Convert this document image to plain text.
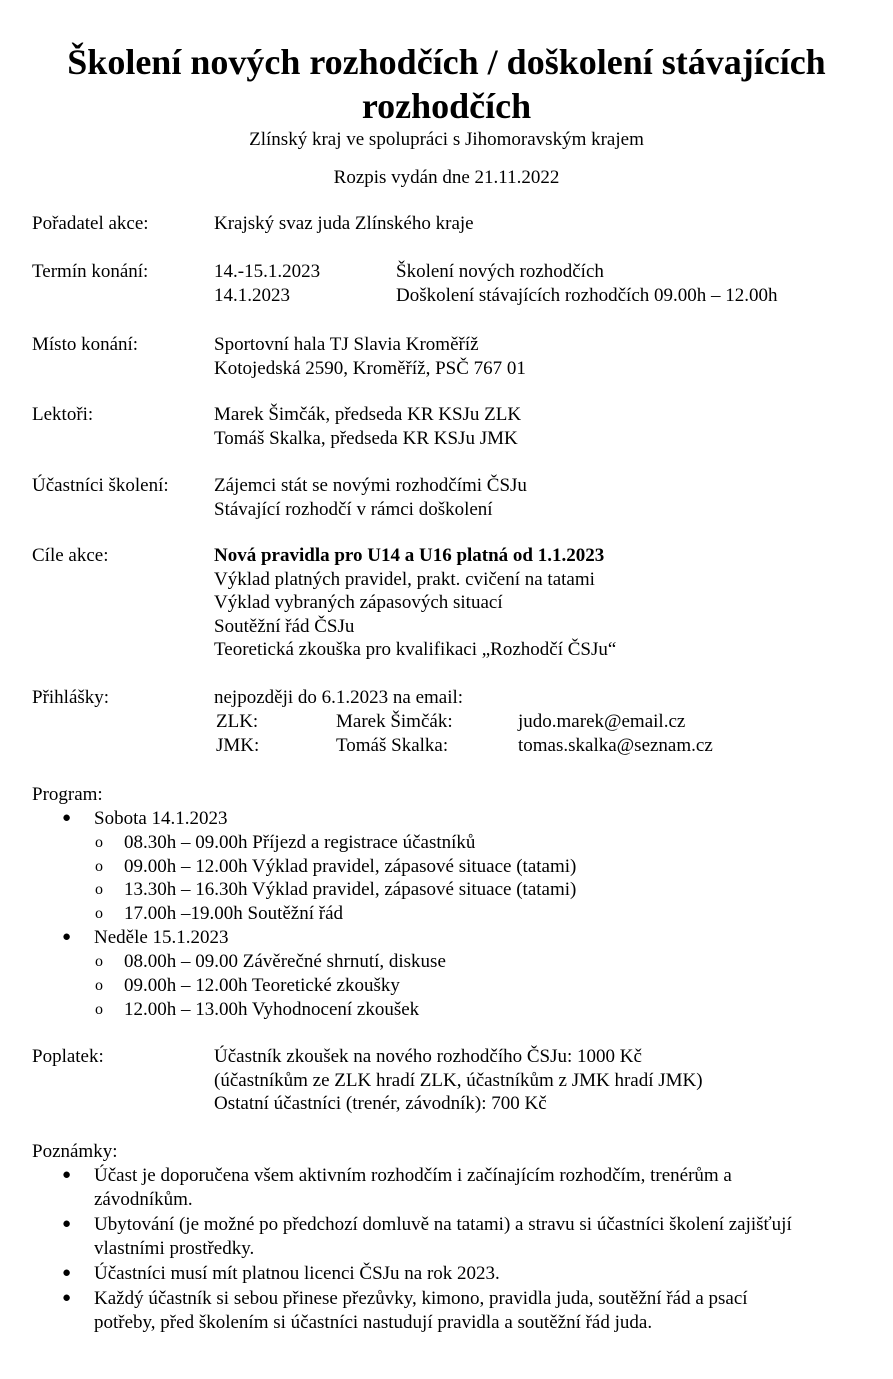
Školení nových rozhodčích / doškolení stávajících rozhodčích
Zlínský kraj ve spolupráci s Jihomoravským krajem
Rozpis vydán dne 21.11.2022
Pořadatel akce:	Krajský svaz juda Zlínského kraje
Termín konání:	14.-15.1.2023	Školení nových rozhodčích
14.1.2023	Doškolení stávajících rozhodčích 09.00h – 12.00h
Místo konání:	Sportovní hala TJ Slavia Kroměříž
Kotojedská 2590, Kroměříž, PSČ 767 01
Lektoři:	Marek Šimčák, předseda KR KSJu ZLK
Tomáš Skalka, předseda KR KSJu JMK
Účastníci školení: Zájemci stát se novými rozhodčími ČSJu
Stávající rozhodčí v rámci doškolení
Cíle akce:	Nová pravidla pro U14 a U16 platná od 1.1.2023
Výklad platných pravidel, prakt. cvičení na tatami
Výklad vybraných zápasových situací
Soutěžní řád ČSJu
Teoretická zkouška pro kvalifikaci „Rozhodčí ČSJu“
Přihlášky:	nejpozději do 6.1.2023 na email:
ZLK:	Marek Šimčák:	judo.marek@email.cz
JMK:	Tomáš Skalka:	tomas.skalka@seznam.cz
Program:
● Sobota 14.1.2023
o 08.30h – 09.00h Příjezd a registrace účastníků
o 09.00h – 12.00h Výklad pravidel, zápasové situace (tatami)
o 13.30h – 16.30h Výklad pravidel, zápasové situace (tatami)
o 17.00h –19.00h Soutěžní řád
● Neděle 15.1.2023
o 08.00h – 09.00 Závěrečné shrnutí, diskuse
o 09.00h – 12.00h Teoretické zkoušky
o 12.00h – 13.00h Vyhodnocení zkoušek
Poplatek:	Účastník zkoušek na nového rozhodčího ČSJu: 1000 Kč
(účastníkům ze ZLK hradí ZLK, účastníkům z JMK hradí JMK)
Ostatní účastníci (trenér, závodník): 700 Kč
Poznámky:
● Účast je doporučena všem aktivním rozhodčím i začínajícím rozhodčím, trenérům a
závodníkům.
● Ubytování (je možné po předchozí domluvě na tatami) a stravu si účastníci školení zajišťují
vlastními prostředky.
● Účastníci musí mít platnou licenci ČSJu na rok 2023.
● Každý účastník si sebou přinese přezůvky, kimono, pravidla juda, soutěžní řád a psací
potřeby, před školením si účastníci nastudují pravidla a soutěžní řád juda.
